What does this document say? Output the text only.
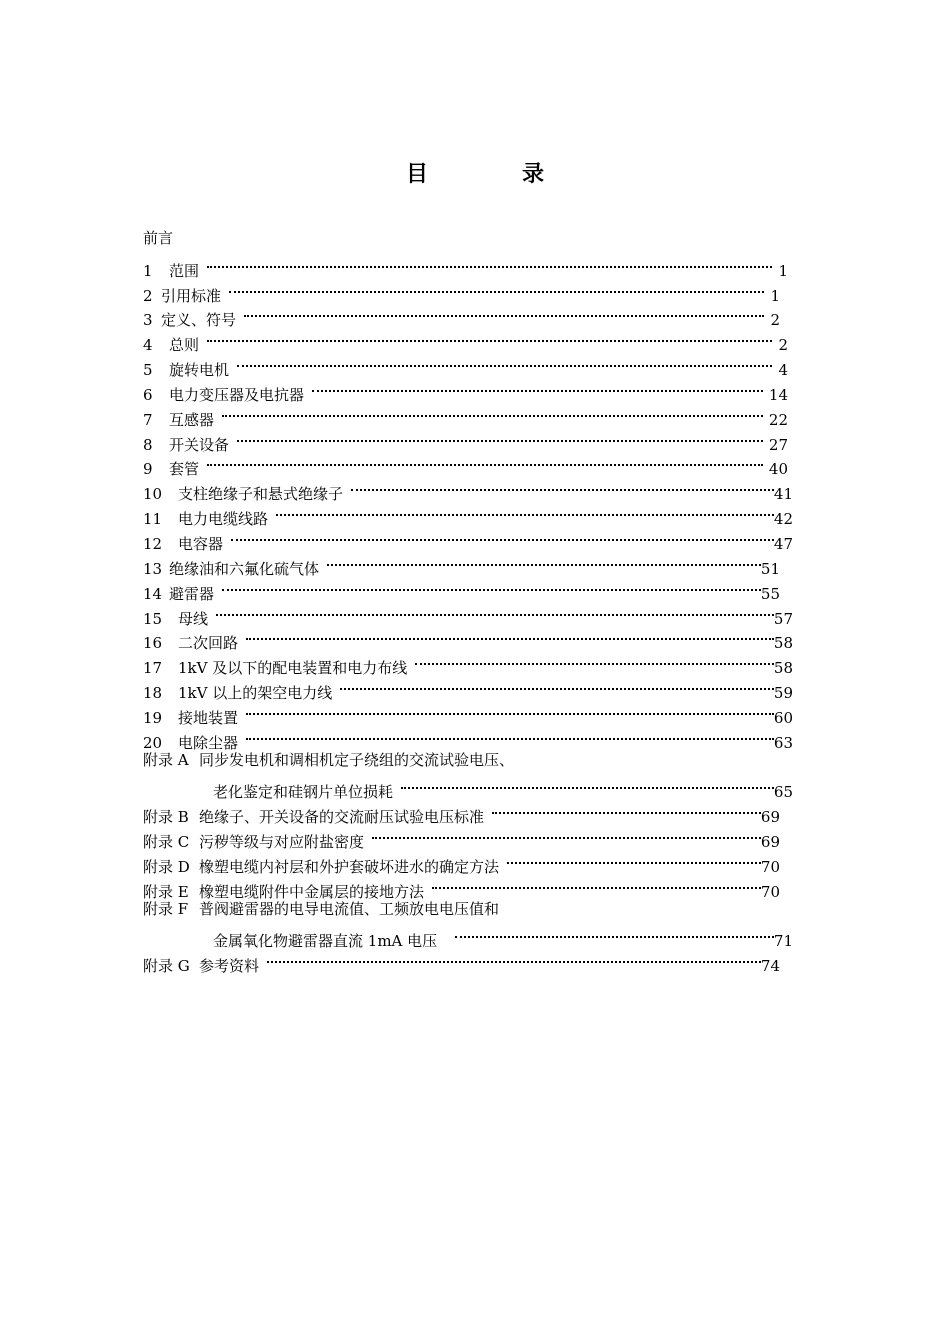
目　录
前言
1	范围	1
2 引用标准	1
3 定义、符号	2
4	总则	2
5	旋转电机	4
6	电力变压器及电抗器	14
7	互感器	22
8	开关设备	27
9	套管	40
10	支柱绝缘子和悬式绝缘子	41
11	电力电缆线路	42
12	电容器	47
13 绝缘油和六氟化硫气体	51
14 避雷器	55
15	母线	57
16	二次回路	58
17	1kV 及以下的配电装置和电力布线	58
18	1kV 以上的架空电力线	59
19	接地装置	60
20	电除尘器	63
附录 A 同步发电机和调相机定子绕组的交流试验电压、
老化鉴定和硅钢片单位损耗	65
附录 B 绝缘子、开关设备的交流耐压试验电压标准	69
附录 C 污秽等级与对应附盐密度	69
附录 D 橡塑电缆内衬层和外护套破坏进水的确定方法	70
附录 E 橡塑电缆附件中金属层的接地方法	70
附录 F 普阀避雷器的电导电流值、工频放电电压值和
金属氧化物避雷器直流 1mA 电压	71
附录 G 参考资料	74
